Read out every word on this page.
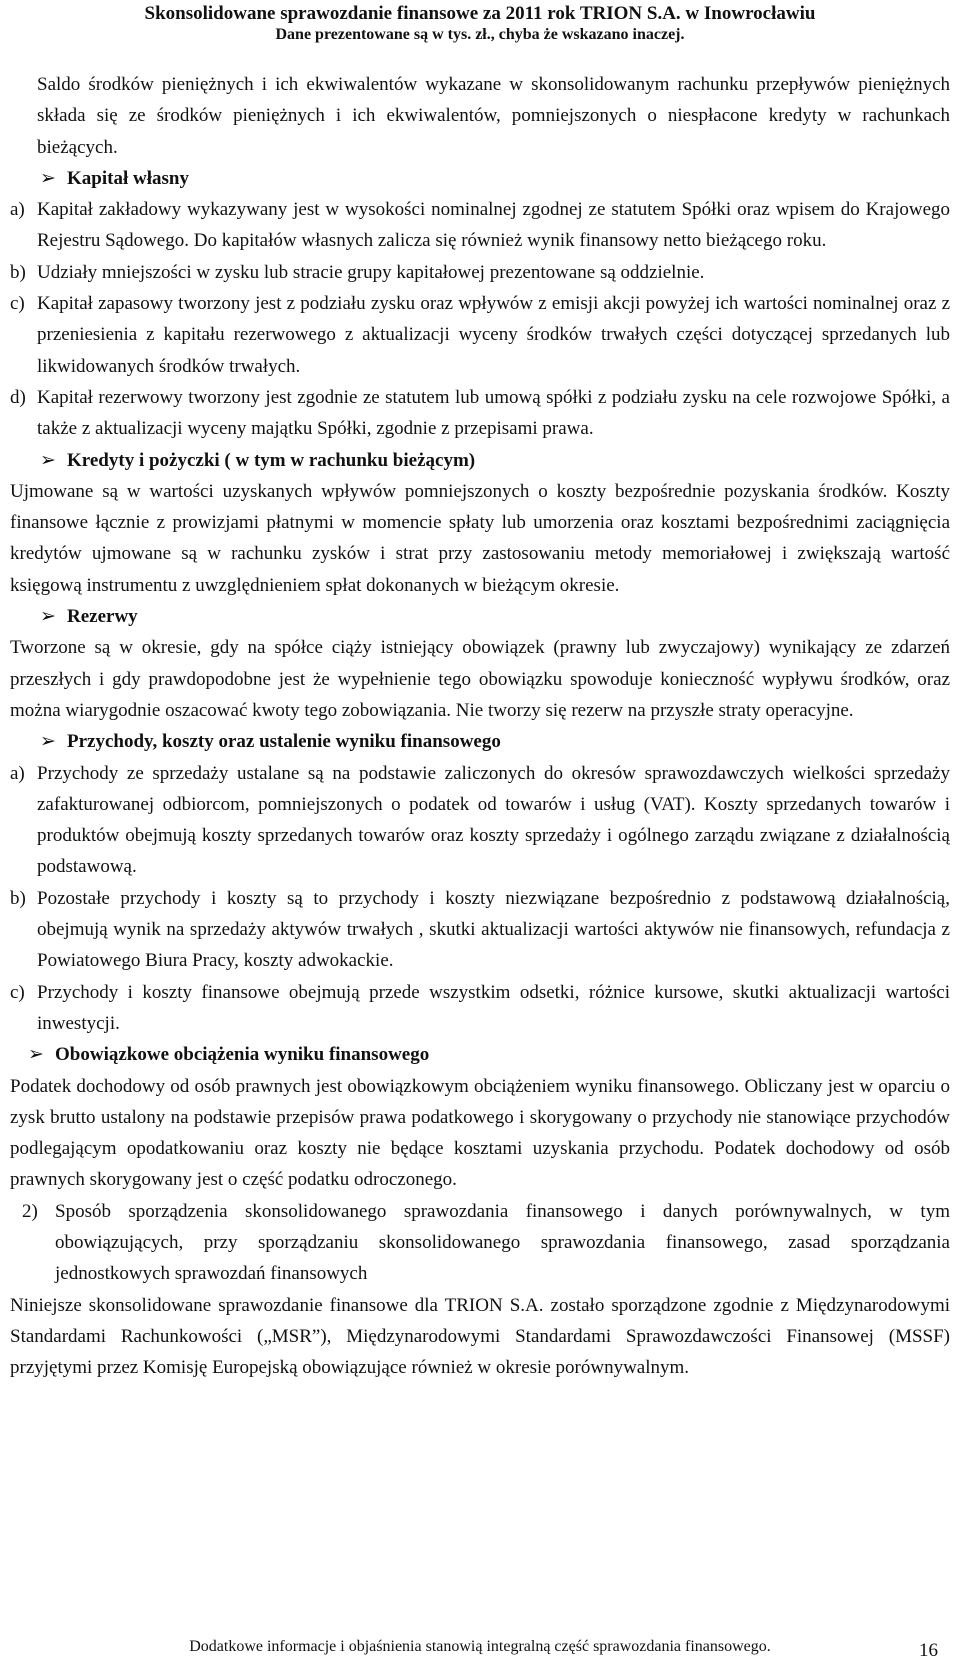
Skonsolidowane sprawozdanie finansowe za 2011 rok TRION S.A. w Inowrocławiu
Dane prezentowane są w tys. zł., chyba że wskazano inaczej.

Saldo środków pieniężnych i ich ekwiwalentów wykazane w skonsolidowanym rachunku przepływów pieniężnych składa się ze środków pieniężnych i ich ekwiwalentów, pomniejszonych o niespłacone kredyty w rachunkach bieżących.

➢ Kapitał własny
a) Kapitał zakładowy wykazywany jest w wysokości nominalnej zgodnej ze statutem Spółki oraz wpisem do Krajowego Rejestru Sądowego. Do kapitałów własnych zalicza się również wynik finansowy netto bieżącego roku.
b) Udziały mniejszości w zysku lub stracie grupy kapitałowej prezentowane są oddzielnie.
c) Kapitał zapasowy tworzony jest z podziału zysku oraz wpływów z emisji akcji powyżej ich wartości nominalnej oraz z przeniesienia z kapitału rezerwowego z aktualizacji wyceny środków trwałych części dotyczącej sprzedanych lub likwidowanych środków trwałych.
d) Kapitał rezerwowy tworzony jest zgodnie ze statutem lub umową spółki z podziału zysku na cele rozwojowe Spółki, a także z aktualizacji wyceny majątku Spółki, zgodnie z przepisami prawa.
➢ Kredyty i pożyczki ( w tym w rachunku bieżącym)

Ujmowane są w wartości uzyskanych wpływów pomniejszonych o koszty bezpośrednie pozyskania środków. Koszty finansowe łącznie z prowizjami płatnymi w momencie spłaty lub umorzenia oraz kosztami bezpośrednimi zaciągnięcia kredytów ujmowane są w rachunku zysków i strat przy zastosowaniu metody memoriałowej i zwiększają wartość księgową instrumentu z uwzględnieniem spłat dokonanych w bieżącym okresie.

➢ Rezerwy

Tworzone są w okresie, gdy na spółce ciąży istniejący obowiązek (prawny lub zwyczajowy) wynikający ze zdarzeń przeszłych i gdy prawdopodobne jest że wypełnienie tego obowiązku spowoduje konieczność wypływu środków, oraz można wiarygodnie oszacować kwoty tego zobowiązania. Nie tworzy się rezerw na przyszłe straty operacyjne.

➢ Przychody, koszty oraz ustalenie wyniku finansowego
a) Przychody ze sprzedaży ustalane są na podstawie zaliczonych do okresów sprawozdawczych wielkości sprzedaży zafakturowanej odbiorcom, pomniejszonych o podatek od towarów i usług (VAT). Koszty sprzedanych towarów i produktów obejmują koszty sprzedanych towarów oraz koszty sprzedaży i ogólnego zarządu związane z działalnością podstawową.
b) Pozostałe przychody i koszty są to przychody i koszty niezwiązane bezpośrednio z podstawową działalnością, obejmują wynik na sprzedaży aktywów trwałych , skutki aktualizacji wartości aktywów nie finansowych, refundacja z Powiatowego Biura Pracy, koszty adwokackie.
c) Przychody i koszty finansowe obejmują przede wszystkim odsetki, różnice kursowe, skutki aktualizacji wartości inwestycji.
➢ Obowiązkowe obciążenia wyniku finansowego

Podatek dochodowy od osób prawnych jest obowiązkowym obciążeniem wyniku finansowego. Obliczany jest w oparciu o zysk brutto ustalony na podstawie przepisów prawa podatkowego i skorygowany o przychody nie stanowiące przychodów podlegającym opodatkowaniu oraz koszty nie będące kosztami uzyskania przychodu. Podatek dochodowy od osób prawnych skorygowany jest o część podatku odroczonego.

2) Sposób sporządzenia skonsolidowanego sprawozdania finansowego i danych porównywalnych, w tym obowiązujących, przy sporządzaniu skonsolidowanego sprawozdania finansowego, zasad sporządzania jednostkowych sprawozdań finansowych

Niniejsze skonsolidowane sprawozdanie finansowe dla TRION S.A. zostało sporządzone zgodnie z Międzynarodowymi Standardami Rachunkowości („MSR”), Międzynarodowymi Standardami Sprawozdawczości Finansowej (MSSF) przyjętymi przez Komisję Europejską obowiązujące również w okresie porównywalnym.

Dodatkowe informacje i objaśnienia stanowią integralną część sprawozdania finansowego.	16
